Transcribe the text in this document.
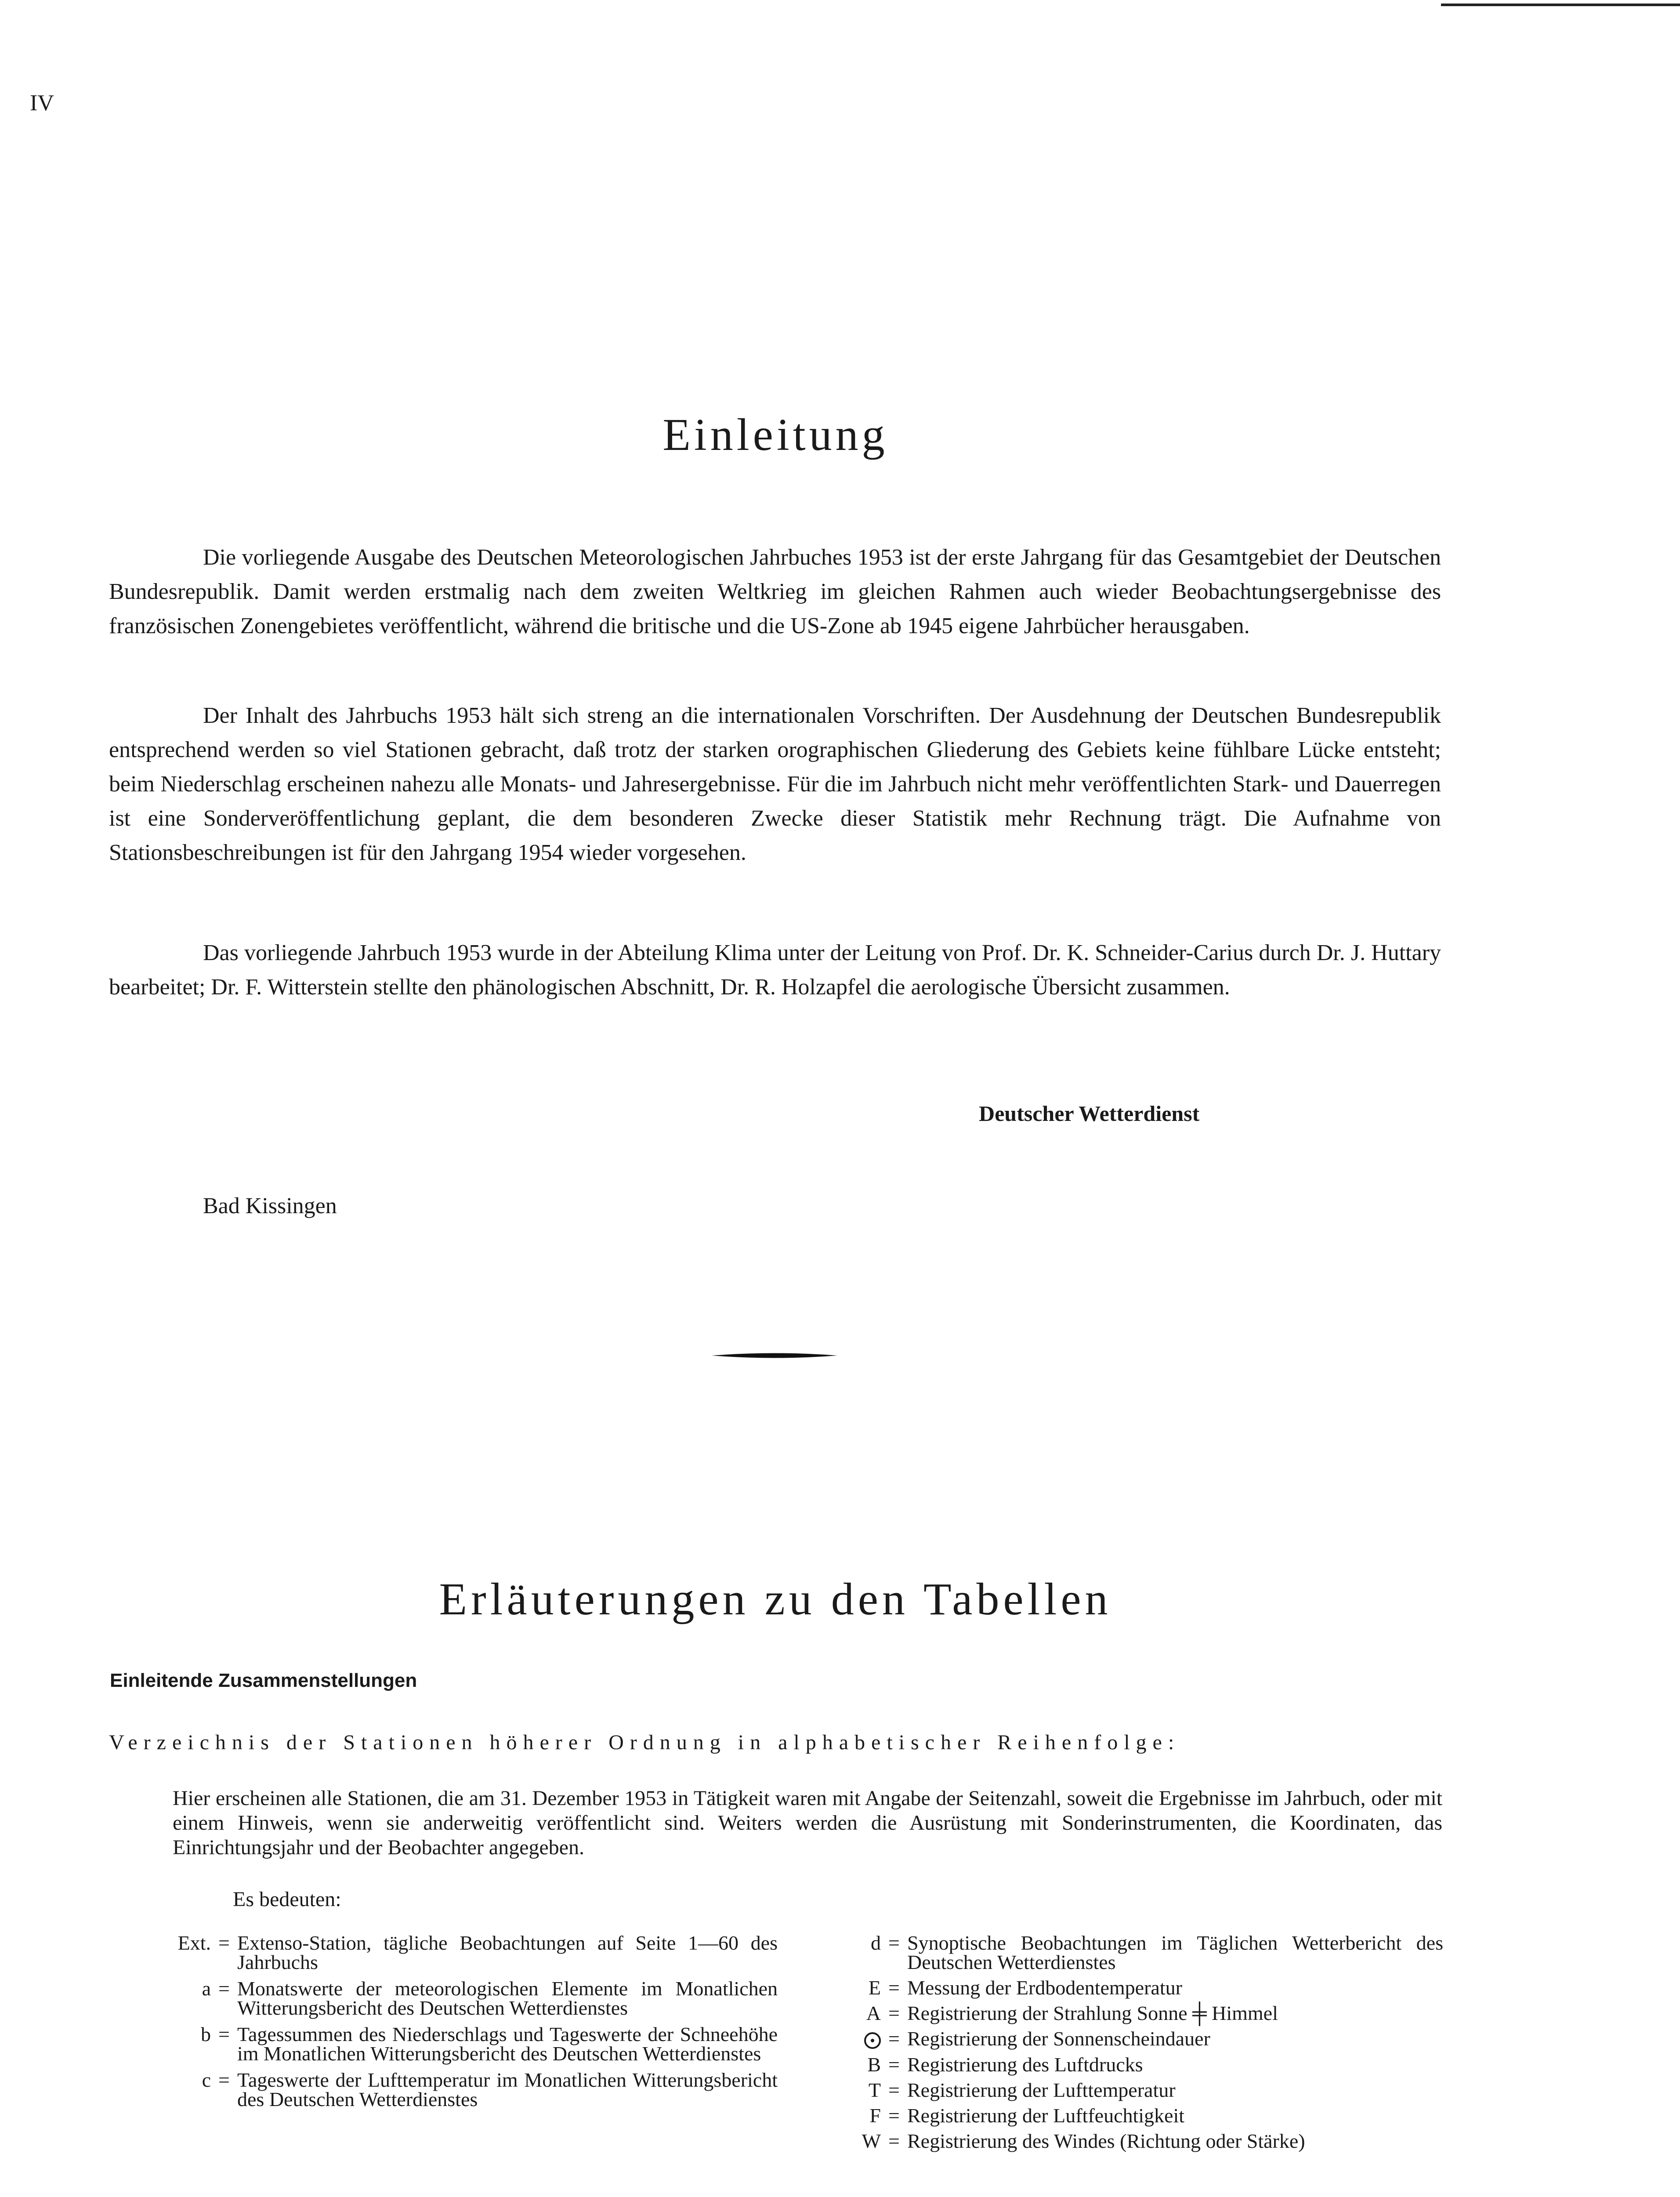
IV
Einleitung

Die vorliegende Ausgabe des Deutschen Meteorologischen Jahrbuches 1953 ist der erste Jahrgang für das Gesamtgebiet der Deutschen Bundesrepublik. Damit werden erstmalig nach dem zweiten Weltkrieg im gleichen Rahmen auch wieder Beobachtungsergebnisse des französischen Zonengebietes veröffentlicht, während die britische und die US-Zone ab 1945 eigene Jahrbücher herausgaben.

Der Inhalt des Jahrbuchs 1953 hält sich streng an die internationalen Vorschriften. Der Ausdehnung der Deutschen Bundesrepublik entsprechend werden so viel Stationen gebracht, daß trotz der starken orographischen Gliederung des Gebiets keine fühlbare Lücke entsteht; beim Niederschlag erscheinen nahezu alle Monats- und Jahresergebnisse. Für die im Jahrbuch nicht mehr veröffentlichten Stark- und Dauerregen ist eine Sonderveröffentlichung geplant, die dem besonderen Zwecke dieser Statistik mehr Rechnung trägt. Die Aufnahme von Stationsbeschreibungen ist für den Jahrgang 1954 wieder vorgesehen.

Das vorliegende Jahrbuch 1953 wurde in der Abteilung Klima unter der Leitung von Prof. Dr. K. Schneider-Carius durch Dr. J. Huttary bearbeitet; Dr. F. Witterstein stellte den phänologischen Abschnitt, Dr. R. Holzapfel die aerologische Übersicht zusammen.

Deutscher Wetterdienst
Bad Kissingen
Erläuterungen zu den Tabellen
Einleitende Zusammenstellungen
Verzeichnis der Stationen höherer Ordnung in alphabetischer Reihenfolge:

Hier erscheinen alle Stationen, die am 31. Dezember 1953 in Tätigkeit waren mit Angabe der Seitenzahl, soweit die Ergebnisse im Jahrbuch, oder mit einem Hinweis, wenn sie anderweitig veröffentlicht sind. Weiters werden die Ausrüstung mit Sonderinstrumenten, die Koordinaten, das Einrichtungsjahr und der Beobachter angegeben.

Es bedeuten:
Ext. = Extenso-Station, tägliche Beobachtungen auf Seite 1—60 des Jahrbuchs
a = Monatswerte der meteorologischen Elemente im Monatlichen Witterungsbericht des Deutschen Wetterdienstes
b = Tagessummen des Niederschlags und Tageswerte der Schneehöhe im Monatlichen Witterungsbericht des Deutschen Wetterdienstes
c = Tageswerte der Lufttemperatur im Monatlichen Witterungsbericht des Deutschen Wetterdienstes
d = Synoptische Beobachtungen im Täglichen Wetterbericht des Deutschen Wetterdienstes
E = Messung der Erdbodentemperatur
A = Registrierung der Strahlung Sonne ╪ Himmel
= Registrierung der Sonnenscheindauer
B = Registrierung des Luftdrucks
T = Registrierung der Lufttemperatur
F = Registrierung der Luftfeuchtigkeit
W = Registrierung des Windes (Richtung oder Stärke)
